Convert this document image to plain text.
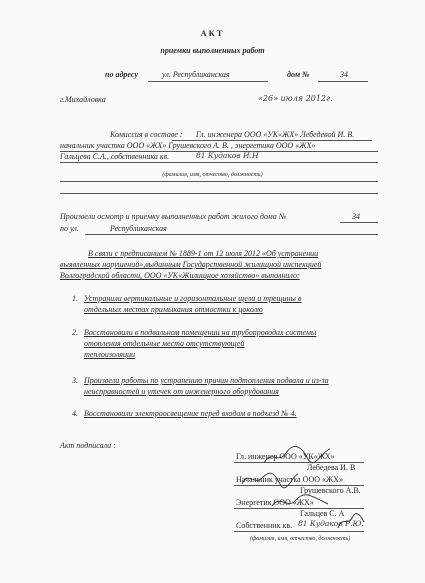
АКТ
приемки выполненных работ
по адресу	ул. Республиканская	дом №	34
г.Михайловка	«26» июля 2012г.
Комиссия в составе : Гл. инженера ООО «УК«ЖХ» Лебедевой И. В.
начальник участка ООО «ЖХ» Грушевского А. В. , энергетика ООО «ЖХ»
Гальцева С.А., собственника кв.	81 Кудаков И.Н
(фамилия, имя, отчество, должность)
Произвели осмотр и приемку выполненных работ жилого дома №	34
по ул.	Республиканская
В связи с предписанием № 1889-1 от 12 июля 2012 «Об устранении
выявленных нарушений»,выданным Государственной жилищной инспекцией
Волгоградской области, ООО «УК«Жилищное хозяйство» выполнило:
1. Устранили вертикальные и горизонтальные щели и трещины в
отдельных местах примыкания отмостки к цоколю
2. Восстановили в подвальном помещении на трубопроводах системы
отопления отдельные места отсутствующей
теплоизоляции
3. Произвели работы по устранению причин подтопления подвала и из-за
неисправностей и утечек от инженерного оборудования
4. Восстановили электроосвещение перед входом в подъезд № 4.
Акт подписали :
Гл. инженер ООО «УК«ЖХ»
Лебедева И. В
Начальник участка ООО «ЖХ»
Грушевского А.В.
Энергетик ООО «ЖХ»
Гальцев С. А
Собственник кв. 81 Кудаков Р.Ю.
(фамилия, имя, отчество, должность)
